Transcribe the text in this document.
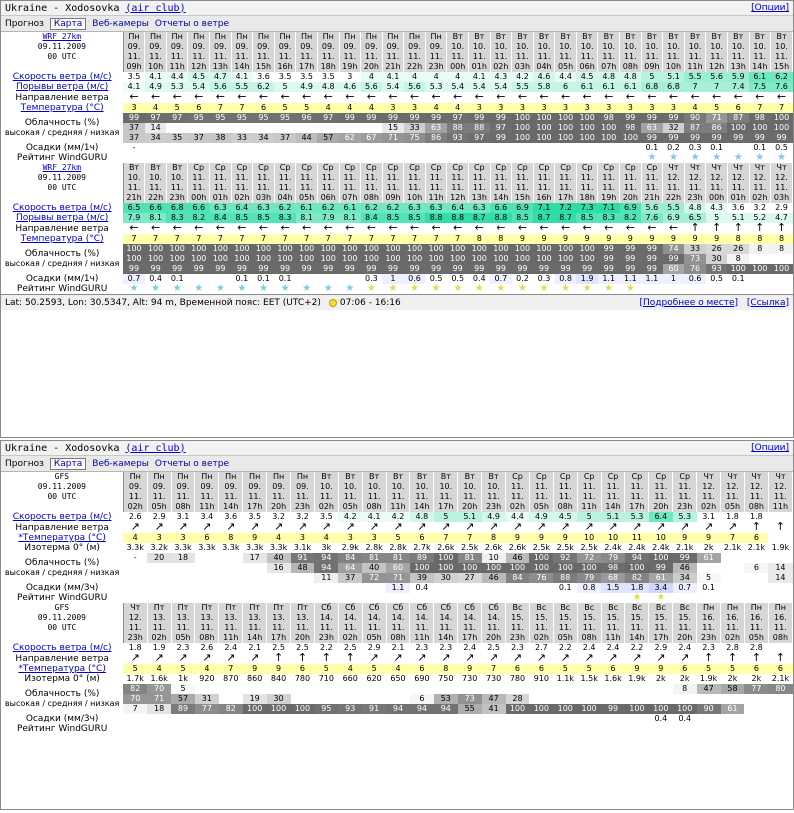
Ukraine - Xodosovka (air club)	[Опции]
Прогноз	Карта	Веб-камеры Отчеты о ветре
WRF 27km	Пн	Пн	Пн	Пн	Пн	Пн	Пн	Пн	Пн	Пн	Пн	Пн	Пн	Пн	Пн	Вт	Вт	Вт	Вт	Вт	Вт	Вт	Вт	Вт	Вт	Вт	Вт	Вт	Вт	Вт	Вт
09.11.2009	09.	09.	09.	09.	09.	09.	09.	09.	09.	09.	09.	09.	09.	09.	09.	10.	10.	10.	10.	10.	10.	10.	10.	10.	10.	10.	10.	10.	10.	10.	10.
00 UTC	11.	11.	11.	11.	11.	11.	11.	11.	11.	11.	11.	11.	11.	11.	11.	11.	11.	11.	11.	11.	11.	11.	11.	11.	11.	11.	11.	11.	11.	11.	11.
	09h	10h	11h	12h	13h	14h	15h	16h	17h	18h	19h	20h	21h	22h	23h	00h	01h	02h	03h	04h	05h	06h	07h	08h	09h	10h	11h	12h	13h	14h	15h
Скорость ветра (м/с)	3.5	4.1	4.4	4.5	4.7	4.1	3.6	3.5	3.5	3.5	3	4	4.1	4	4	4	4.1	4.3	4.2	4.6	4.4	4.5	4.8	4.8	5	5.1	5.5	5.6	5.9	6.1	6.2
Порывы ветра (м/с)	4.1	4.9	5.3	5.4	5.6	5.5	6.2	5	4.9	4.8	4.6	5.6	5.4	5.6	5.3	5.4	5.4	5.4	5.5	5.8	6	6.1	6.1	6.1	6.8	6.8	7	7	7.4	7.5	7.6
Направление ветра	←	←	←	←	←	←	←	←	←	←	←	←	←	←	←	←	←	←	←	←	←	←	←	←	←	←	←	←	←	←	←
Температура (°C)	3	4	5	6	7	7	6	5	5	4	4	4	3	3	4	4	3	3	3	3	3	3	3	3	3	3	4	5	6	7	7
Облачность (%)
высокая / средняя / низкая	99	97	97	95	95	95	95	95	96	97	99	99	99	99	99	97	99	99	100	100	100	100	98	99	99	99	90	71	87	98	100
	37	14											15	33	63	88	88	97	100	100	100	100	100	98	63	32	87	86	100	100	100
	37	34	35	37	38	33	34	37	44	57	62	67	71	75	86	93	97	99	100	100	100	100	100	100	99	99	99	99	99	99	99
Осадки (мм/1ч)	-																								0.1	0.2	0.3	0.1		0.1	0.5
Рейтинг WindGURU																									★	★	★	★	★	★	★
WRF 27km	Вт	Вт	Вт	Ср	Ср	Ср	Ср	Ср	Ср	Ср	Ср	Ср	Ср	Ср	Ср	Ср	Ср	Ср	Ср	Ср	Ср	Ср	Ср	Ср	Ср	Чт	Чт	Чт	Чт	Чт	Чт
09.11.2009	10.	10.	10.	11.	11.	11.	11.	11.	11.	11.	11.	11.	11.	11.	11.	11.	11.	11.	11.	11.	11.	11.	11.	11.	11.	12.	12.	12.	12.	12.	12.
00 UTC	11.	11.	11.	11.	11.	11.	11.	11.	11.	11.	11.	11.	11.	11.	11.	11.	11.	11.	11.	11.	11.	11.	11.	11.	11.	11.	11.	11.	11.	11.	11.
	21h	22h	23h	00h	01h	02h	03h	04h	05h	06h	07h	08h	09h	10h	11h	12h	13h	14h	15h	16h	17h	18h	19h	20h	21h	22h	23h	00h	01h	02h	03h
Скорость ветра (м/с)	6.5	6.6	6.8	6.6	6.3	6.4	6.3	6.2	6.1	6.2	6.1	6.2	6.2	6.3	6.3	6.4	6.3	6.6	6.9	7.1	7.2	7.3	7.1	6.9	5.6	5.5	4.8	4.3	3.6	3.2	2.9
Порывы ветра (м/с)	7.9	8.1	8.3	8.2	8.4	8.5	8.5	8.3	8.1	7.9	8.1	8.4	8.5	8.5	8.8	8.8	8.7	8.8	8.5	8.7	8.7	8.5	8.3	8.2	7.6	6.9	6.5	5	5.1	5.2	4.7
Направление ветра	←	←	←	←	←	←	←	←	←	←	←	←	←	←	←	←	←	←	←	←	←	←	←	←	←	←	↑	↑	↑	↑	↑
Температура (°C)	7	7	7	7	7	7	7	7	7	7	7	7	7	7	7	7	8	8	9	9	9	9	9	9	9	9	9	9	8	8	8
Облачность (%)
высокая / средняя / низкая	100	100	100	100	100	100	100	100	100	100	100	100	100	100	100	100	100	100	100	100	100	100	99	99	99	74	33	26	26	8	8
	100	100	100	100	100	100	100	100	100	100	100	100	100	100	100	100	100	100	100	100	100	100	99	99	99	99	73	30	8		
	99	99	99	99	99	99	99	99	99	99	99	99	99	99	99	99	99	99	99	99	99	99	99	99	99	60	76	93	100	100	100
Осадки (мм/1ч)	0.7	0.4	0.1			0.1	0.1	0.1				0.3	1	0.6	0.5	0.5	0.4	0.7	0.2	0.3	0.8	1.9	1.1	1.1	1.1	1	0.6	0.5	0.1		
Рейтинг WindGURU	★	★	★	★	★	★	★	★	★	★	★	★	★	★	★	★	★	★	★	★	★	★	★	★							
Lat: 50.2593, Lon: 30.5347, Alt: 94 m, Временной пояс: EET (UTC+2) 07:06 - 16:16	[Подробнее о месте] [Ссылка]
Ukraine - Xodosovka (air club)	[Опции]
Прогноз	Карта	Веб-камеры Отчеты о ветре
GFS	Пн	Пн	Пн	Пн	Пн	Пн	Пн	Пн	Вт	Вт	Вт	Вт	Вт	Вт	Вт	Вт	Ср	Ср	Ср	Ср	Ср	Ср	Ср	Ср	Чт	Чт	Чт	Чт
09.11.2009	09.	09.	09.	09.	09.	09.	09.	09.	10.	10.	10.	10.	10.	10.	10.	10.	11.	11.	11.	11.	11.	11.	11.	11.	12.	12.	12.	12.
00 UTC	11.	11.	11.	11.	11.	11.	11.	11.	11.	11.	11.	11.	11.	11.	11.	11.	11.	11.	11.	11.	11.	11.	11.	11.	11.	11.	11.	11.
	02h	05h	08h	11h	14h	17h	20h	23h	02h	05h	08h	11h	14h	17h	20h	23h	02h	05h	08h	11h	14h	17h	20h	23h	02h	05h	08h	11h
Скорость ветра (м/с)	2.6	2.9	3.1	3.4	3.6	3.5	3.2	3.2	3.5	4.2	4.1	4.2	4.8	5	5.1	4.9	4.4	4.9	4.5	5	5.1	5.3	6.4	5.3	3.1	1.8	1.8	
Направление ветра	↗	↗	↗	↗	↗	↗	↗	↗	↗	↗	↗	↗	↗	↗	↗	↗	↗	↗	↗	↗	↗	↗	↗	↗	↗	↗	↑	↑
*Температура (°C)	4	3	3	6	8	9	4	3	4	3	3	5	6	7	7	8	9	9	9	10	10	11	10	9	9	7	6	
Изотерма 0° (м)	3.3k	3.2k	3.3k	3.3k	3.3k	3.3k	3.3k	3.1k	3k	2.9k	2.8k	2.8k	2.7k	2.6k	2.5k	2.6k	2.6k	2.5k	2.5k	2.5k	2.4k	2.4k	2.4k	2.1k	2k	2.1k	2.1k	1.9k
Облачность (%)
высокая / средняя / низкая	-	20	18			17	40	91	94	84	81	81	89	100	81	10	46	100	92	72	79	94	100	99	61			
							16	48	94	64	40	60	100	100	100	100	100	100	100	100	98	100	99	46			6	14
									11	37	72	71	39	30	27	46	84	76	88	79	68	82	61	34	5			14
Осадки (мм/3ч)												1.1	0.4						0.1	0.8	1.5	1.8	3.4	0.7	0.1			
Рейтинг WindGURU																						★	★					
GFS	Чт	Пт	Пт	Пт	Пт	Пт	Пт	Пт	Сб	Сб	Сб	Сб	Сб	Сб	Сб	Сб	Вс	Вс	Вс	Вс	Вс	Вс	Вс	Вс	Пн	Пн	Пн	Пн
09.11.2009	12.	13.	13.	13.	13.	13.	13.	13.	14.	14.	14.	14.	14.	14.	14.	14.	15.	15.	15.	15.	15.	15.	15.	15.	16.	16.	16.	16.
00 UTC	11.	11.	11.	11.	11.	11.	11.	11.	11.	11.	11.	11.	11.	11.	11.	11.	11.	11.	11.	11.	11.	11.	11.	11.	11.	11.	11.	11.
	23h	02h	05h	08h	11h	14h	17h	20h	23h	02h	05h	08h	11h	14h	17h	20h	23h	02h	05h	08h	11h	14h	17h	20h	23h	02h	05h	08h
Скорость ветра (м/с)	1.8	1.9	2.3	2.6	2.4	2.1	2.5	2.5	2.2	2.5	2.9	2.1	2.3	2.3	2.4	2.5	2.3	2.7	2.2	2.4	2.4	2.2	2.9	2.4	2.3	2.8	2.8	
Направление ветра	↗	↗	↗	↗	↗	↗	↑	↑	↑	↑	↗	↗	↗	↗	↗	↗	↗	↗	↗	↗	↗	↗	↗	↗	↑	↑	↑	↑
*Температура (°C)	5	4	5	4	7	9	9	6	5	4	5	4	6	8	9	7	6	6	5	5	6	9	9	6	5	5	6	6
Изотерма 0° (м)	1.7k	1.6k	1k	920	870	860	840	780	710	660	620	650	690	750	730	730	780	910	1.1k	1.5k	1.6k	1.9k	2k	2k	1.9k	2k	2k	2.1k
Облачность (%)
высокая / средняя / низкая	82	70	5																					8	47	58	77	80
	70	71	57	31		19	30						6	53	73	47	28											
	7	18	89	77	82	100	100	100	95	93	91	94	94	94	55	41	100	100	100	100	99	100	100	100	90	61		
Осадки (мм/3ч)																							0.4	0.4				
Рейтинг WindGURU																												
